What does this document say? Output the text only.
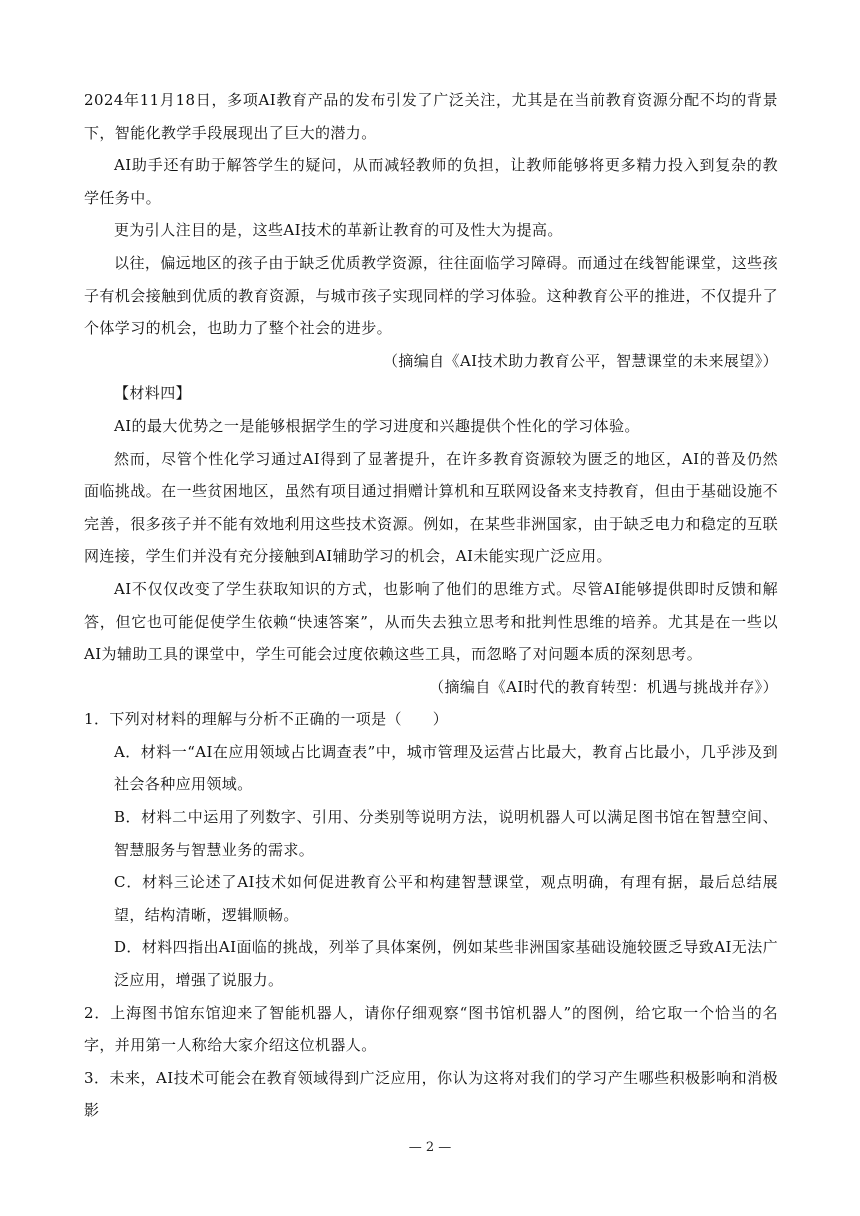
2024年11月18日，多项AI教育产品的发布引发了广泛关注，尤其是在当前教育资源分配不均的背景下，智能化教学手段展现出了巨大的潜力。

AI助手还有助于解答学生的疑问，从而减轻教师的负担，让教师能够将更多精力投入到复杂的教学任务中。

更为引人注目的是，这些AI技术的革新让教育的可及性大为提高。

以往，偏远地区的孩子由于缺乏优质教学资源，往往面临学习障碍。而通过在线智能课堂，这些孩子有机会接触到优质的教育资源，与城市孩子实现同样的学习体验。这种教育公平的推进，不仅提升了个体学习的机会，也助力了整个社会的进步。

（摘编自《AI技术助力教育公平，智慧课堂的未来展望》）

【材料四】

AI的最大优势之一是能够根据学生的学习进度和兴趣提供个性化的学习体验。

然而，尽管个性化学习通过AI得到了显著提升，在许多教育资源较为匮乏的地区，AI的普及仍然面临挑战。在一些贫困地区，虽然有项目通过捐赠计算机和互联网设备来支持教育，但由于基础设施不完善，很多孩子并不能有效地利用这些技术资源。例如，在某些非洲国家，由于缺乏电力和稳定的互联网连接，学生们并没有充分接触到AI辅助学习的机会，AI未能实现广泛应用。

AI不仅仅改变了学生获取知识的方式，也影响了他们的思维方式。尽管AI能够提供即时反馈和解答，但它也可能促使学生依赖“快速答案”，从而失去独立思考和批判性思维的培养。尤其是在一些以AI为辅助工具的课堂中，学生可能会过度依赖这些工具，而忽略了对问题本质的深刻思考。

（摘编自《AI时代的教育转型：机遇与挑战并存》）

1．下列对材料的理解与分析不正确的一项是（　　）

A．材料一“AI在应用领域占比调查表”中，城市管理及运营占比最大，教育占比最小，几乎涉及到社会各种应用领域。

B．材料二中运用了列数字、引用、分类别等说明方法，说明机器人可以满足图书馆在智慧空间、智慧服务与智慧业务的需求。

C．材料三论述了AI技术如何促进教育公平和构建智慧课堂，观点明确，有理有据，最后总结展望，结构清晰，逻辑顺畅。

D．材料四指出AI面临的挑战，列举了具体案例，例如某些非洲国家基础设施较匮乏导致AI无法广泛应用，增强了说服力。

2．上海图书馆东馆迎来了智能机器人，请你仔细观察“图书馆机器人”的图例，给它取一个恰当的名字，并用第一人称给大家介绍这位机器人。

3．未来，AI技术可能会在教育领域得到广泛应用，你认为这将对我们的学习产生哪些积极影响和消极影

— 2 —
